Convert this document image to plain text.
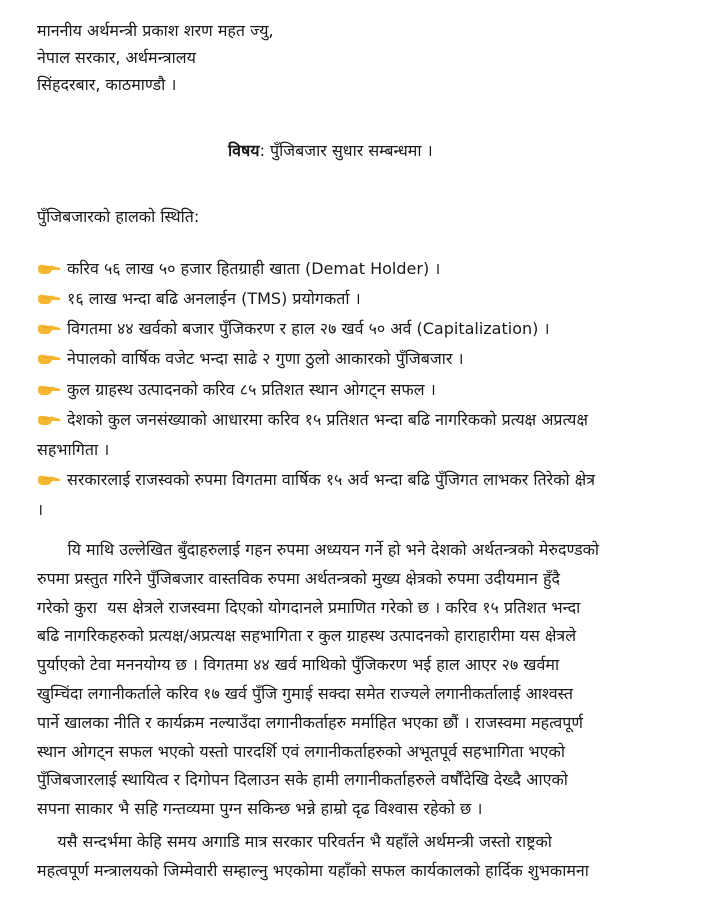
माननीय अर्थमन्त्री प्रकाश शरण महत ज्यु,
नेपाल सरकार, अर्थमन्त्रालय
सिंहदरबार, काठमाण्डौ ।
विषय: पुँजिबजार सुधार सम्बन्धमा ।
पुँजिबजारको हालको स्थिति:
करिव ५६ लाख ५० हजार हितग्राही खाता (Demat Holder) ।
१६ लाख भन्दा बढि अनलाईन (TMS) प्रयोगकर्ता ।
विगतमा ४४ खर्वको बजार पुँजिकरण र हाल २७ खर्व ५० अर्व (Capitalization) ।
नेपालको वार्षिक वजेट भन्दा साढे २ गुणा ठुलो आकारको पुँजिबजार ।
कुल ग्राहस्थ उत्पादनको करिव ८५ प्रतिशत स्थान ओगट्न सफल ।
देशको कुल जनसंख्याको आधारमा करिव १५ प्रतिशत भन्दा बढि नागरिकको प्रत्यक्ष अप्रत्यक्ष
सहभागिता ।
सरकारलाई राजस्वको रुपमा विगतमा वार्षिक १५ अर्व भन्दा बढि पुँजिगत लाभकर तिरेको क्षेत्र
।
यि माथि उल्लेखित बुँदाहरुलाई गहन रुपमा अध्ययन गर्ने हो भने देशको अर्थतन्त्रको मेरुदण्डको
रुपमा प्रस्तुत गरिने पुँजिबजार वास्तविक रुपमा अर्थतन्त्रको मुख्य क्षेत्रको रुपमा उदीयमान हुँदै
गरेको कुरा  यस क्षेत्रले राजस्वमा दिएको योगदानले प्रमाणित गरेको छ । करिव १५ प्रतिशत भन्दा
बढि नागरिकहरुको प्रत्यक्ष/अप्रत्यक्ष सहभागिता र कुल ग्राहस्थ उत्पादनको हाराहारीमा यस क्षेत्रले
पुर्याएको टेवा मननयोग्य छ । विगतमा ४४ खर्व माथिको पुँजिकरण भई हाल आएर २७ खर्वमा
खुम्चिंदा लगानीकर्ताले करिव १७ खर्व पुँजि गुमाई सक्दा समेत राज्यले लगानीकर्तालाई आश्वस्त
पार्ने खालका नीति र कार्यक्रम नल्याउँदा लगानीकर्ताहरु मर्माहित भएका छौं । राजस्वमा महत्वपूर्ण
स्थान ओगट्न सफल भएको यस्तो पारदर्शि एवं लगानीकर्ताहरुको अभूतपूर्व सहभागिता भएको
पुँजिबजारलाई स्थायित्व र दिगोपन दिलाउन सके हामी लगानीकर्ताहरुले वर्षौंदेखि देख्दै आएको
सपना साकार भै सहि गन्तव्यमा पुग्न सकिन्छ भन्ने हाम्रो दृढ विश्वास रहेको छ ।
यसै सन्दर्भमा केहि समय अगाडि मात्र सरकार परिवर्तन भै यहाँले अर्थमन्त्री जस्तो राष्ट्रको
महत्वपूर्ण मन्त्रालयको जिम्मेवारी सम्हाल्नु भएकोमा यहाँको सफल कार्यकालको हार्दिक शुभकामना
